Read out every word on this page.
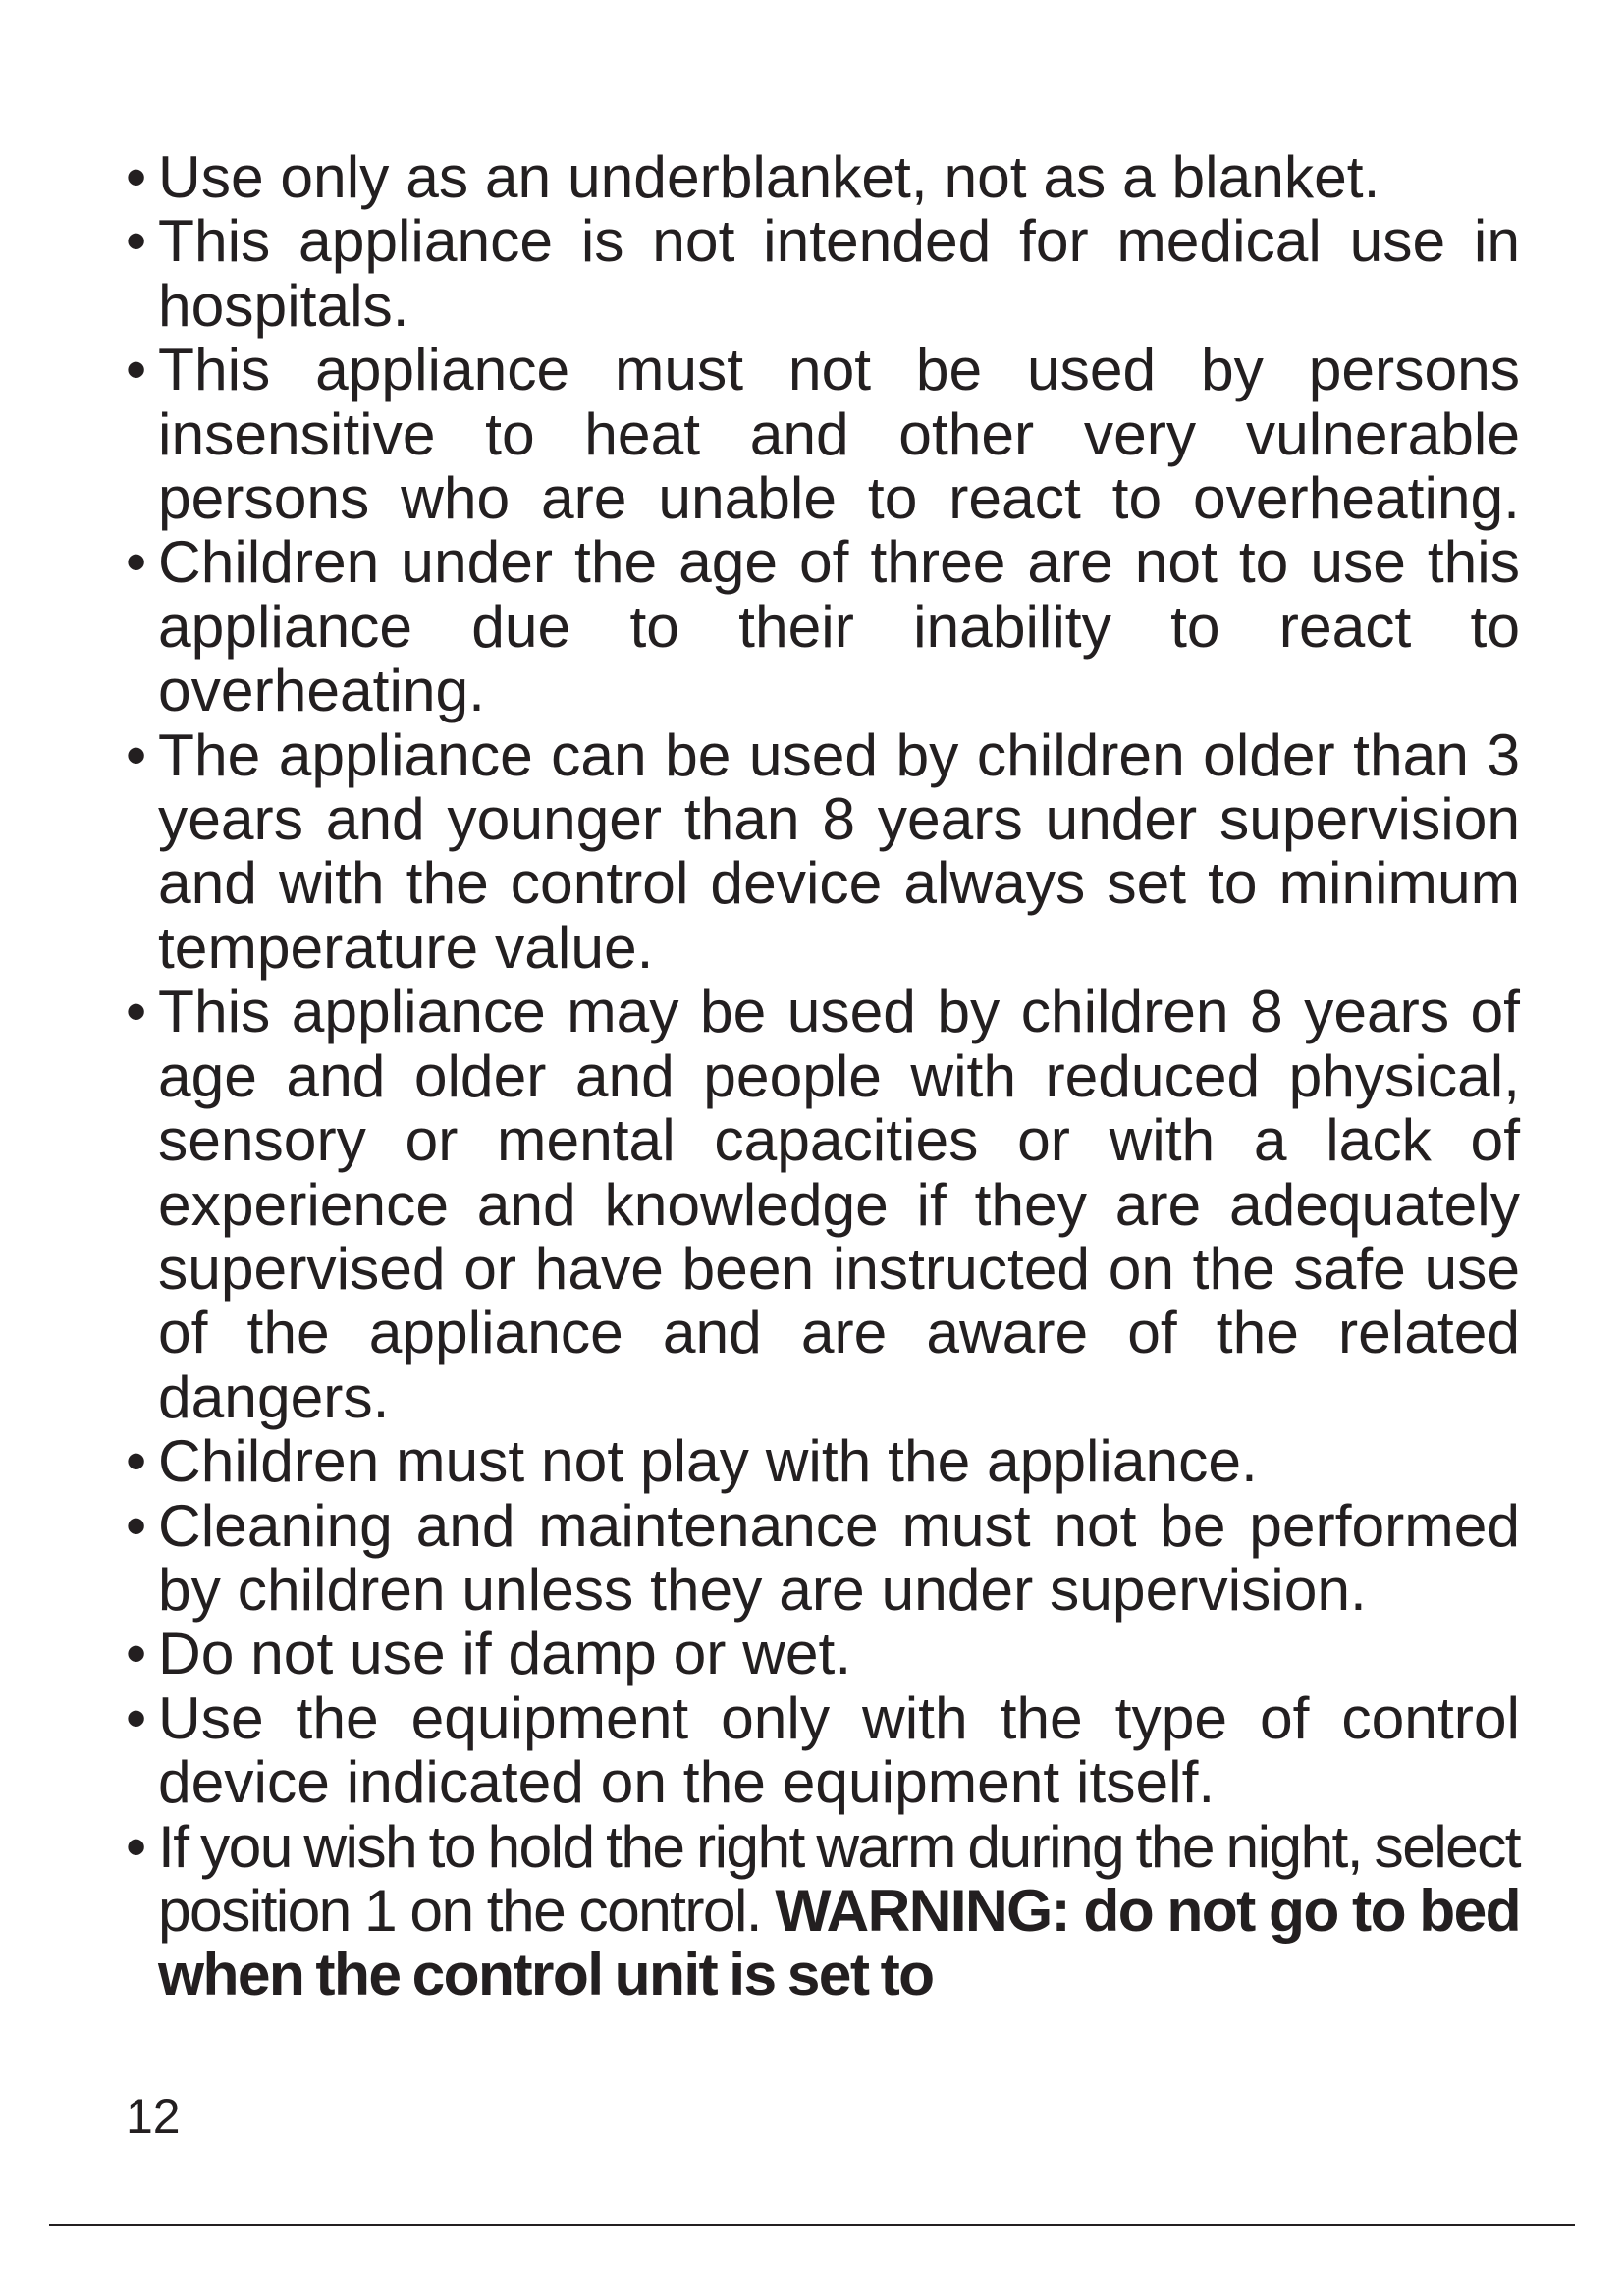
• Use only as an underblanket, not as a blanket.
• This appliance is not intended for medical use in hospitals.
• This appliance must not be used by persons insensitive to heat and other very vulnerable persons who are unable to react to overheating.
• Children under the age of three are not to use this appliance due to their inability to react to overheating.
• The appliance can be used by children older than 3 years and younger than 8 years under supervision and with the control device always set to minimum temperature value.
• This appliance may be used by children 8 years of age and older and people with reduced physical, sensory or mental capacities or with a lack of experience and knowledge if they are adequately supervised or have been instructed on the safe use of the appliance and are aware of the related dangers.
• Children must not play with the appliance.
• Cleaning and maintenance must not be performed by children unless they are under supervision.
• Do not use if damp or wet.
• Use the equipment only with the type of control device indicated on the equipment itself.
• If you wish to hold the right warm during the night, select position 1 on the control. WARNING: do not go to bed when the control unit is set to
12
